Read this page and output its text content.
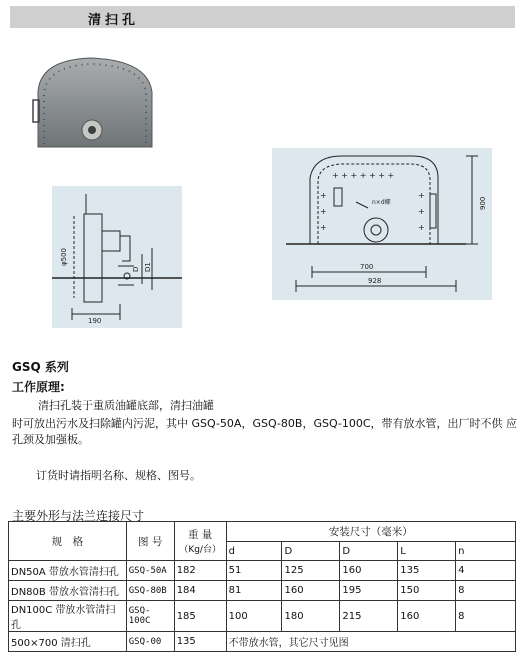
清扫孔
φ500
190
D D1
+ + + + + + +
+
+
+
+
+
+
700
928
900
n×d螺
GSQ 系列
工作原理:
清扫孔装于重质油罐底部，清扫油罐
时可放出污水及扫除罐内污泥，其中 GSQ-50A，GSQ-80B，GSQ-100C，带有放水管，出厂时不供 应孔颈及加强板。
订货时请指明名称、规格、图号。
主要外形与法兰连接尺寸
规　格	图 号	重 量
（Kg/台）	安装尺寸（毫米）				
			d	D	D	L	n
DN50A 带放水管清扫孔	GSQ-50A	182	51	125	160	135	4
DN80B 带放水管清扫孔	GSQ-80B	184	81	160	195	150	8
DN100C 带放水管清扫孔	GSQ-100C	185	100	180	215	160	8
500×700 清扫孔	GSQ-00	135	不带放水管，其它尺寸见图				
